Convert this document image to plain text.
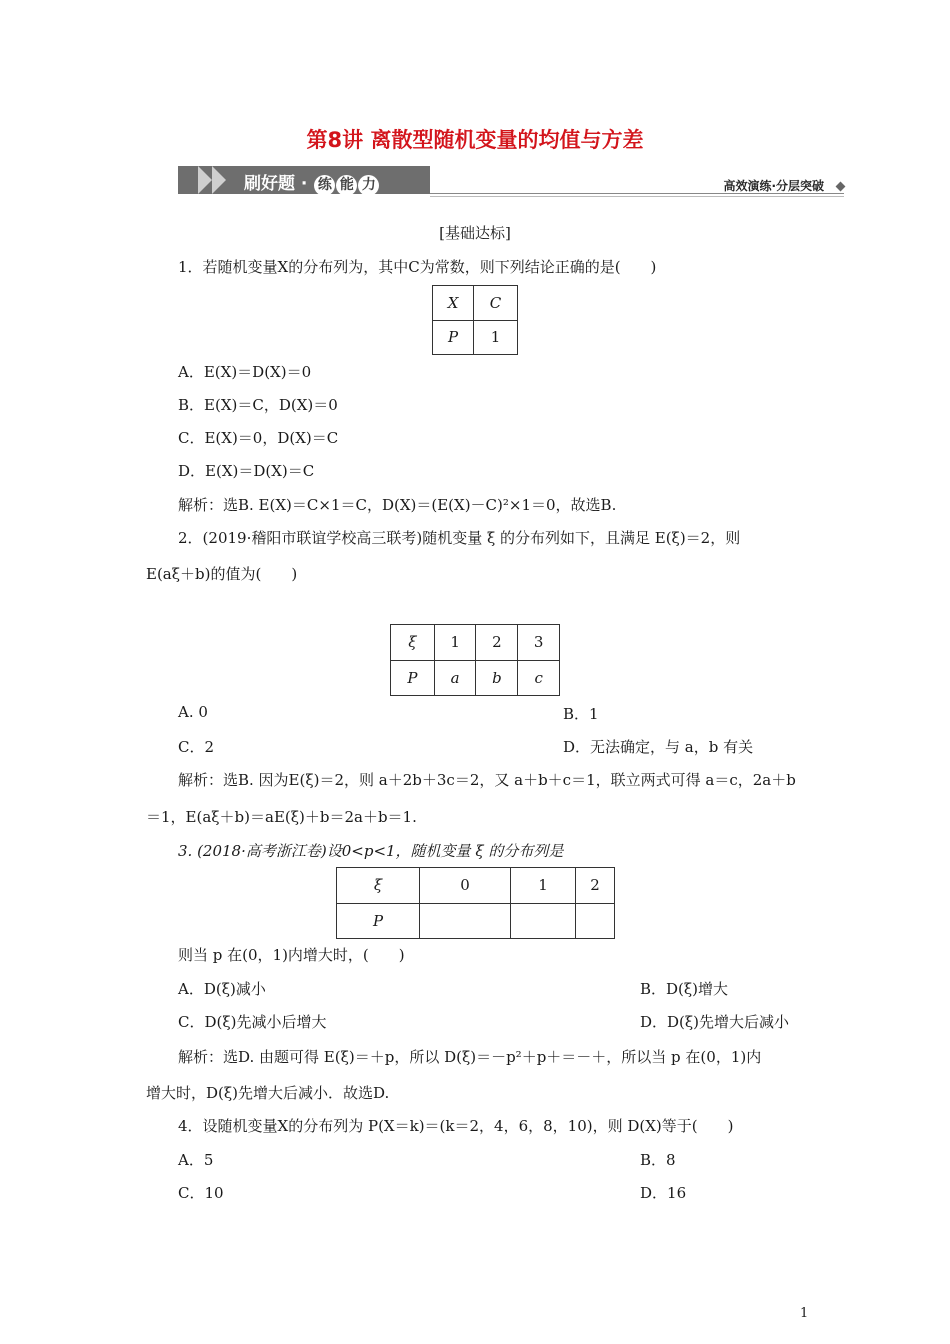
第8讲 离散型随机变量的均值与方差
刷好题 · 练 能 力	高效演练·分层突破
[基础达标]
1．若随机变量X的分布列为，其中C为常数，则下列结论正确的是(　　)
X	C
P	1
A．E(X)＝D(X)＝0
B．E(X)＝C，D(X)＝0
C．E(X)＝0，D(X)＝C
D．E(X)＝D(X)＝C
解析：选B. E(X)＝C×1＝C，D(X)＝(E(X)－C)²×1＝0，故选B.
2．(2019·稽阳市联谊学校高三联考)随机变量 ξ 的分布列如下，且满足 E(ξ)＝2，则
E(aξ＋b)的值为(　　)
ξ	1	2	3
P	a	b	c
A. 0	B．1
C．2	D．无法确定，与 a，b 有关
解析：选B. 因为E(ξ)＝2，则 a＋2b＋3c＝2，又 a＋b＋c＝1，联立两式可得 a＝c，2a＋b
＝1，E(aξ＋b)＝aE(ξ)＋b＝2a＋b＝1.
3. (2018·高考浙江卷)设0<p<1，随机变量 ξ 的分布列是
ξ	0	1	2
P			
则当 p 在(0，1)内增大时，(　　)
A．D(ξ)减小	B．D(ξ)增大
C．D(ξ)先减小后增大	D．D(ξ)先增大后减小
解析：选D. 由题可得 E(ξ)＝＋p，所以 D(ξ)＝－p²＋p＋＝－＋，所以当 p 在(0，1)内
增大时，D(ξ)先增大后减小．故选D.
4．设随机变量X的分布列为 P(X＝k)＝(k＝2，4，6，8，10)，则 D(X)等于(　　)
A．5	B．8
C．10	D．16
1
